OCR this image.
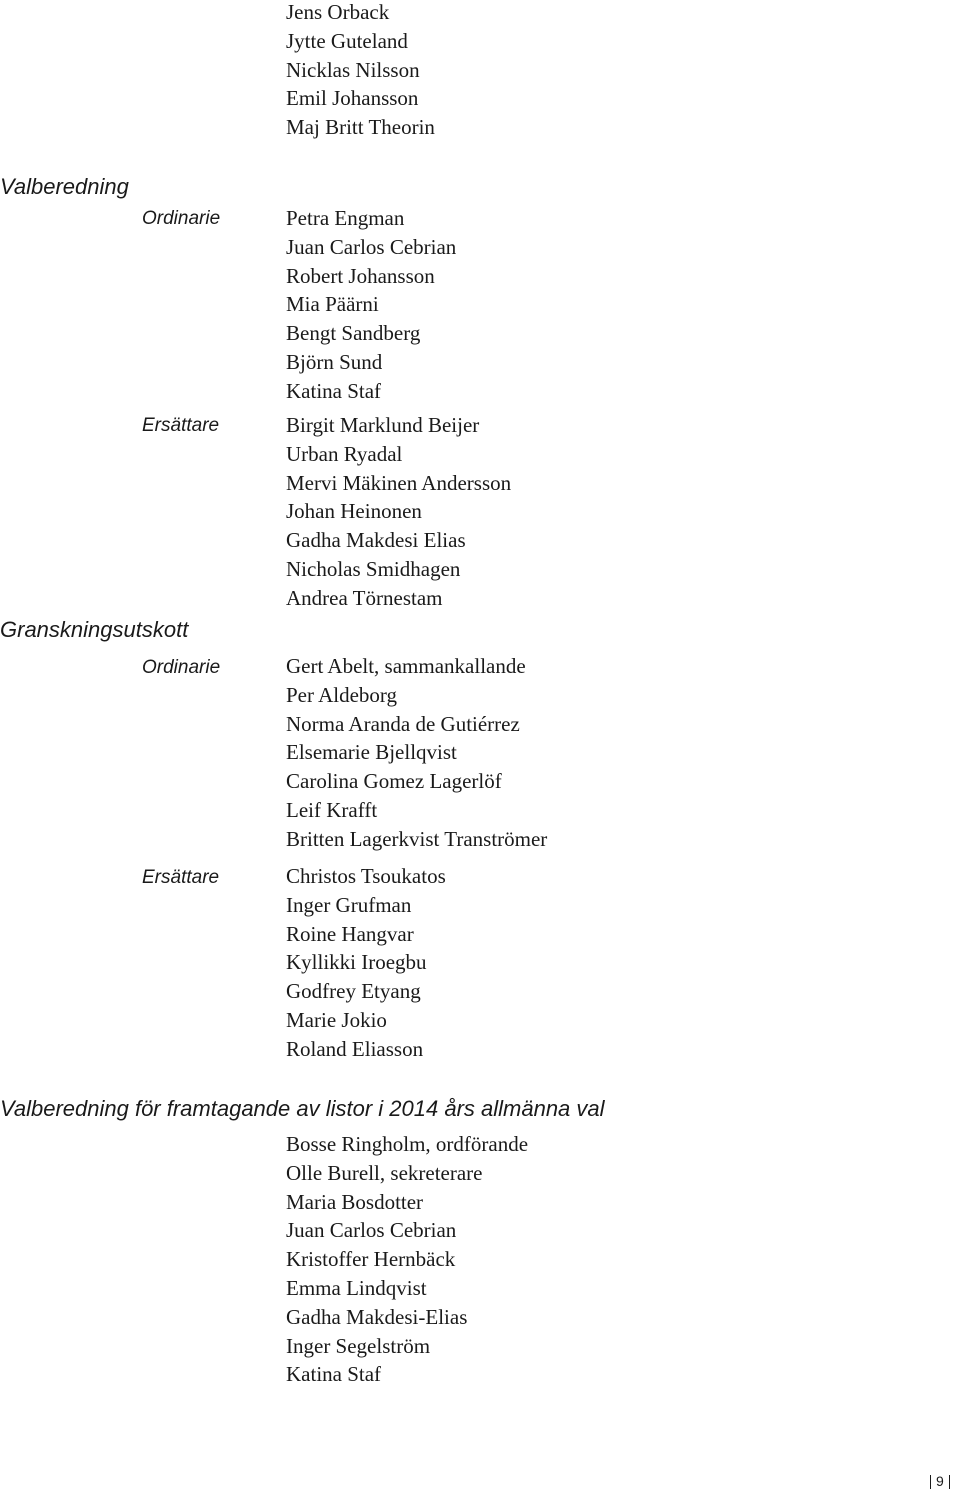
Jens Orback
Jytte Guteland
Nicklas Nilsson
Emil Johansson
Maj Britt Theorin
Valberedning
Ordinarie	Petra Engman
Juan Carlos Cebrian
Robert Johansson
Mia Päärni
Bengt Sandberg
Björn Sund
Katina Staf
Ersättare	Birgit Marklund Beijer
Urban Ryadal
Mervi Mäkinen Andersson
Johan Heinonen
Gadha Makdesi Elias
Nicholas Smidhagen
Andrea Törnestam
Granskningsutskott
Ordinarie	Gert Abelt, sammankallande
Per Aldeborg
Norma Aranda de Gutiérrez
Elsemarie Bjellqvist
Carolina Gomez Lagerlöf
Leif Krafft
Britten Lagerkvist Tranströmer
Ersättare	Christos Tsoukatos
Inger Grufman
Roine Hangvar
Kyllikki Iroegbu
Godfrey Etyang
Marie Jokio
Roland Eliasson
Valberedning för framtagande av listor i 2014 års allmänna val
Bosse Ringholm, ordförande
Olle Burell, sekreterare
Maria Bosdotter
Juan Carlos Cebrian
Kristoffer Hernbäck
Emma Lindqvist
Gadha Makdesi-Elias
Inger Segelström
Katina Staf
9
